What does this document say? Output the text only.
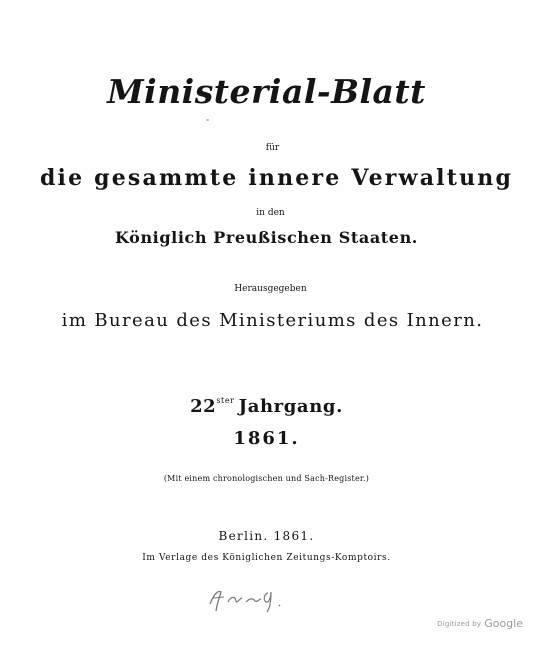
Ministerial-Blatt
für
die gesammte innere Verwaltung
in den
Königlich Preußischen Staaten.
Herausgegeben
im Bureau des Ministeriums des Innern.
$22^{ster}$ Jahrgang.
1861.
(Mit einem chronologischen und Sach-Register.)
Berlin. 1861.
Im Verlage des Königlichen Zeitungs-Komptoirs.
Digitized by Google
